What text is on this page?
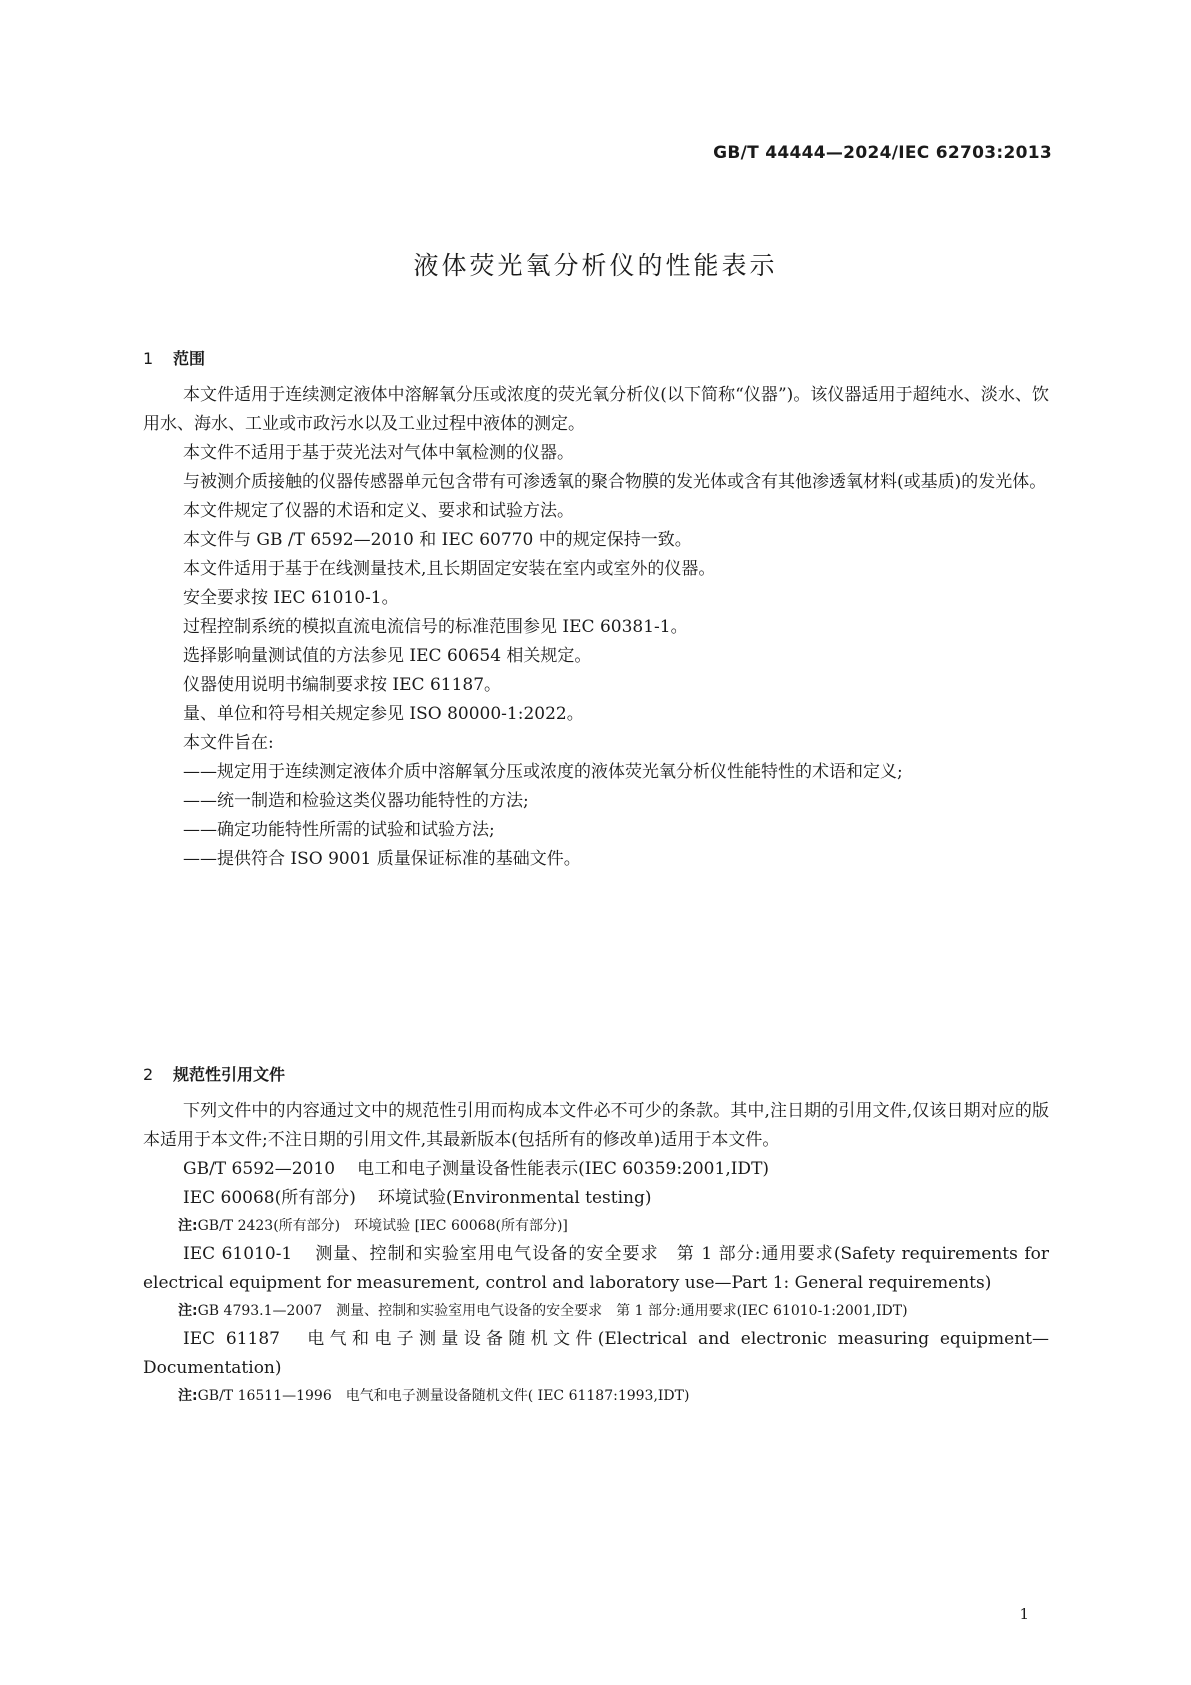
GB/T 44444—2024/IEC 62703:2013
液体荧光氧分析仪的性能表示
1 范围

本文件适用于连续测定液体中溶解氧分压或浓度的荧光氧分析仪(以下简称“仪器”)。该仪器适用于超纯水、淡水、饮用水、海水、工业或市政污水以及工业过程中液体的测定。

本文件不适用于基于荧光法对气体中氧检测的仪器。

与被测介质接触的仪器传感器单元包含带有可渗透氧的聚合物膜的发光体或含有其他渗透氧材料(或基质)的发光体。

本文件规定了仪器的术语和定义、要求和试验方法。

本文件与 GB /T 6592—2010 和 IEC 60770 中的规定保持一致。

本文件适用于基于在线测量技术,且长期固定安装在室内或室外的仪器。

安全要求按 IEC 61010-1。

过程控制系统的模拟直流电流信号的标准范围参见 IEC 60381-1。

选择影响量测试值的方法参见 IEC 60654 相关规定。

仪器使用说明书编制要求按 IEC 61187。

量、单位和符号相关规定参见 ISO 80000-1:2022。

本文件旨在:

——规定用于连续测定液体介质中溶解氧分压或浓度的液体荧光氧分析仪性能特性的术语和定义;

——统一制造和检验这类仪器功能特性的方法;

——确定功能特性所需的试验和试验方法;

——提供符合 ISO 9001 质量保证标准的基础文件。

2 规范性引用文件

下列文件中的内容通过文中的规范性引用而构成本文件必不可少的条款。其中,注日期的引用文件,仅该日期对应的版本适用于本文件;不注日期的引用文件,其最新版本(包括所有的修改单)适用于本文件。

GB/T 6592—2010 电工和电子测量设备性能表示(IEC 60359:2001,IDT)

IEC 60068(所有部分) 环境试验(Environmental testing)

注:GB/T 2423(所有部分)　环境试验 [IEC 60068(所有部分)]

IEC 61010-1 测量、控制和实验室用电气设备的安全要求　第 1 部分:通用要求(Safety requirements for electrical equipment for measurement, control and laboratory use—Part 1: General requirements)

注:GB 4793.1—2007　测量、控制和实验室用电气设备的安全要求　第 1 部分:通用要求(IEC 61010-1:2001,IDT)

IEC 61187 电气和电子测量设备随机文件(Electrical and electronic measuring equipment—Documentation)

注:GB/T 16511—1996　电气和电子测量设备随机文件( IEC 61187:1993,IDT)

1
